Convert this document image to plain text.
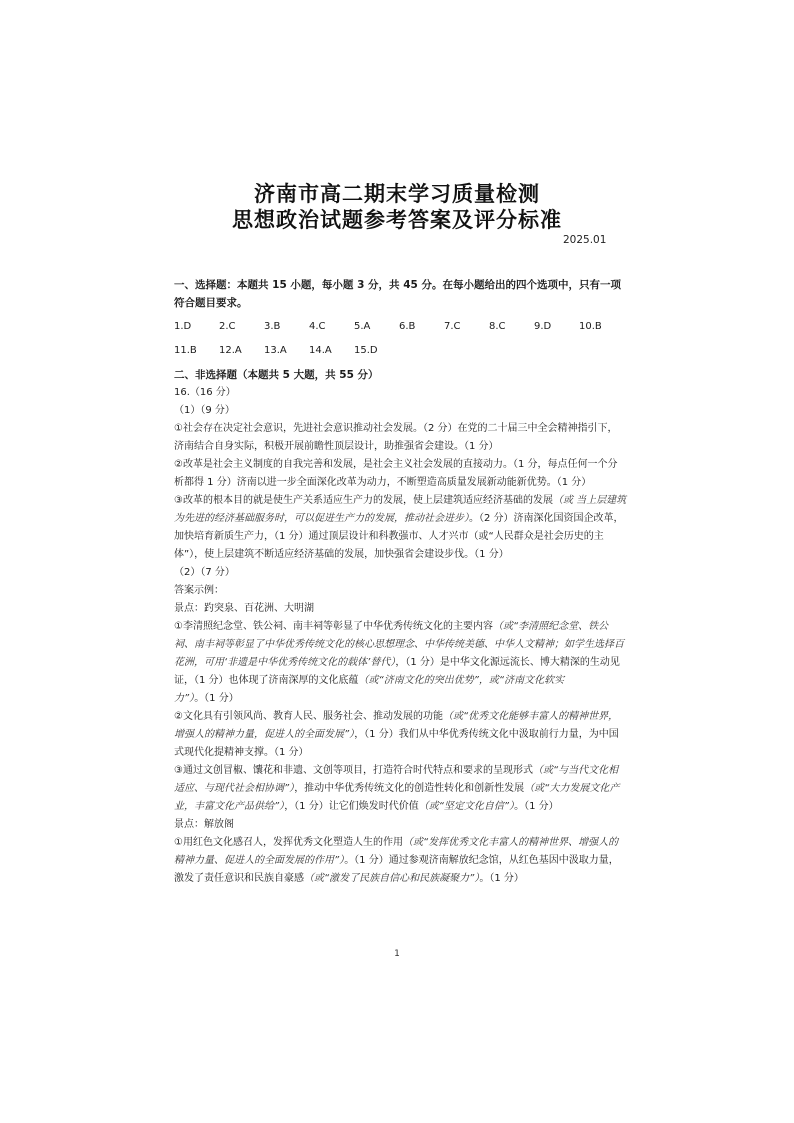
济南市高二期末学习质量检测
思想政治试题参考答案及评分标准
2025.01

一、选择题：本题共 15 小题，每小题 3 分，共 45 分。在每小题给出的四个选项中，只有一项符合题目要求。

1.D	2.C	3.B	4.C	5.A	6.B	7.C	8.C	9.D	10.B

11.B 12.A 13.A 14.A 15.D

二、非选择题（本题共 5 大题，共 55 分）

16.（16 分）

（1）（9 分）

①社会存在决定社会意识，先进社会意识推动社会发展。（2 分）在党的二十届三中全会精神指引下，济南结合自身实际，积极开展前瞻性顶层设计，助推强省会建设。（1 分）

②改革是社会主义制度的自我完善和发展，是社会主义社会发展的直接动力。（1 分，每点任何一个分析都得 1 分）济南以进一步全面深化改革为动力，不断塑造高质量发展新动能新优势。（1 分）

③改革的根本目的就是使生产关系适应生产力的发展，使上层建筑适应经济基础的发展（或 当上层建筑为先进的经济基础服务时，可以促进生产力的发展，推动社会进步）。（2 分）济南深化国资国企改革，加快培育新质生产力，（1 分）通过顶层设计和科教强市、人才兴市（或“人民群众是社会历史的主体”），使上层建筑不断适应经济基础的发展，加快强省会建设步伐。（1 分）

（2）（7 分）

答案示例：

景点：趵突泉、百花洲、大明湖

①李清照纪念堂、铁公祠、南丰祠等彰显了中华优秀传统文化的主要内容（或“李清照纪念堂、铁公祠、南丰祠等彰显了中华优秀传统文化的核心思想理念、中华传统美德、中华人文精神；如学生选择百花洲，可用‘非遗是中华优秀传统文化的载体’替代），（1 分）是中华文化源远流长、博大精深的生动见证，（1 分）也体现了济南深厚的文化底蕴（或“济南文化的突出优势”，或“济南文化软实力”）。（1 分）

②文化具有引领风尚、教育人民、服务社会、推动发展的功能（或“优秀文化能够丰富人的精神世界，增强人的精神力量，促进人的全面发展”），（1 分）我们从中华优秀传统文化中汲取前行力量，为中国式现代化提精神支撑。（1 分）

③通过文创冒椒、馕花和非遗、文创等项目，打造符合时代特点和要求的呈现形式（或“与当代文化相适应、与现代社会相协调”），推动中华优秀传统文化的创造性转化和创新性发展（或“大力发展文化产业，丰富文化产品供给”），（1 分）让它们焕发时代价值（或“坚定文化自信”）。（1 分）

景点：解放阁

①用红色文化感召人，发挥优秀文化塑造人生的作用（或“发挥优秀文化丰富人的精神世界、增强人的精神力量、促进人的全面发展的作用”）。（1 分）通过参观济南解放纪念馆，从红色基因中汲取力量，激发了责任意识和民族自豪感（或“激发了民族自信心和民族凝聚力”）。（1 分）

1
